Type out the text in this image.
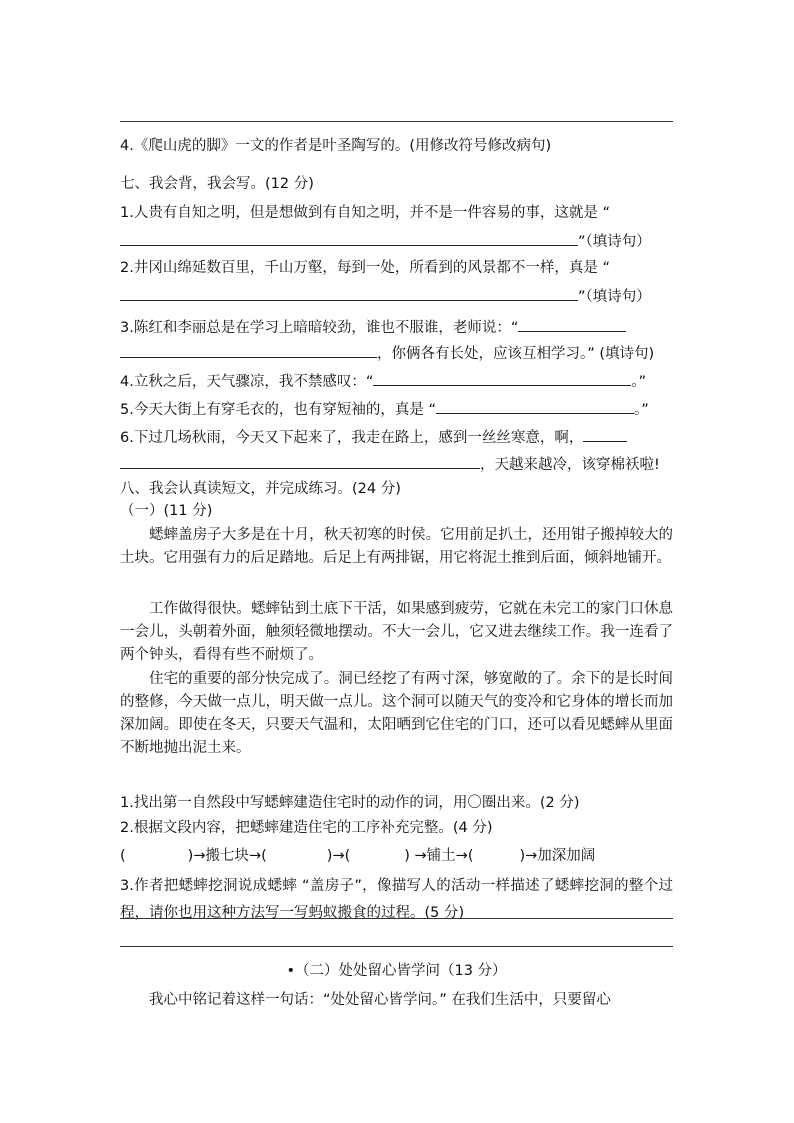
4.《爬山虎的脚》一文的作者是叶圣陶写的。(用修改符号修改病句)
七、我会背，我会写。(12 分)
1.人贵有自知之明，但是想做到有自知之明，并不是一件容易的事，这就是 “
”（填诗句）
2.井冈山绵延数百里，千山万壑，每到一处，所看到的风景都不一样，真是 “
”（填诗句）
3.陈红和李丽总是在学习上暗暗较劲，谁也不服谁，老师说：“
，你俩各有长处，应该互相学习。” (填诗句)
4.立秋之后，天气骤凉，我不禁感叹：“	。”
5.今天大街上有穿毛衣的，也有穿短袖的，真是 “	。”
6.下过几场秋雨，今天又下起来了，我走在路上，感到一丝丝寒意，啊，
，天越来越冷，该穿棉袄啦!
八、我会认真读短文，并完成练习。(24 分)
（一）(11 分)
蟋蟀盖房子大多是在十月，秋天初寒的时侯。它用前足扒土，还用钳子搬掉较大的土块。它用强有力的后足踏地。后足上有两排锯，用它将泥土推到后面，倾斜地铺开。
工作做得很快。蟋蟀钻到土底下干活，如果感到疲劳，它就在未完工的家门口休息一会儿，头朝着外面，触须轻微地摆动。不大一会儿，它又进去继续工作。我一连看了两个钟头，看得有些不耐烦了。
住宅的重要的部分快完成了。洞已经挖了有两寸深，够宽敞的了。余下的是长时间的整修，今天做一点儿，明天做一点儿。这个洞可以随天气的变冷和它身体的增长而加深加阔。即使在冬天，只要天气温和，太阳晒到它住宅的门口，还可以看见蟋蟀从里面不断地抛出泥土来。
1.找出第一自然段中写蟋蟀建造住宅时的动作的词，用〇圈出来。(2 分)
2.根据文段内容，把蟋蟀建造住宅的工序补充完整。(4 分)
(	)→搬七块→(	)→(	) →铺土→(	)→加深加阔
3.作者把蟋蟀挖洞说成蟋蟀 “盖房子”，像描写人的活动一样描述了蟋蟀挖洞的整个过程，请你也用这种方法写一写蚂蚁搬食的过程。(5 分)
•（二）处处留心皆学问（13 分）
我心中铭记着这样一句话：“处处留心皆学问。” 在我们生活中，只要留心
